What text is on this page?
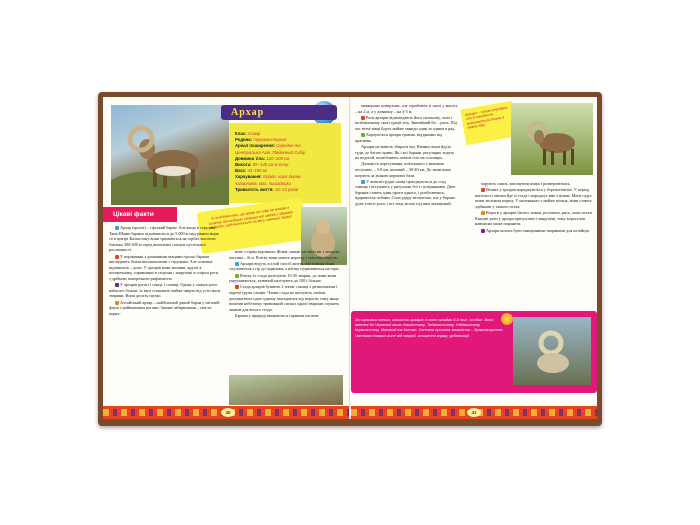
Архар
Клас: ссавці
Родина: порожнисторогі
Ареал поширення: Середня та
Центральна Азія, Південний Сибір
Довжина тіла: 120–200 см
Висота: 85–140 см в холці
Вага: 43–180 кг
Харчування: трава, кора дерев,
чагарників, мох, лишайники
Тривалість життя: 10–13 років
Цікаві факти	А чи відомо вам, що архар на зиму не впадає в сплячку. Він вибирає сховище від негоди і зберігає енергію, щоб вистачило на весь зимовий період.

Архар (аргалі) – гірський баран. Але якщо в середині Тянь-Шаню барани піднімаються до 5 000 м над рівнем моря, то в центрі Казахстану вони тримаються на горбах висотою близько 300-400 м серед випаленої сонцем пустельної рослинності.

У порівнянні з домашніми вівцями гірські барани виглядають більш високоногими і струнким. Але основна відмінність – роги. У архарів вони масивні, круглі в поперечнику, спрямовані в сторони і закручені в спіралі роги, з дрібною поперечною рифленістю.

У архарів рогаті і самці, і самиці. Однак у самців роги набагато більші: їх вага становить майже чверть від усієї маси тварини. Вони досить гнучкі.

Алтайський архар – найбільший дикий баран у світовій фауні з найважчими рогами. Значне забарвлення – світло-корич-

неве з сірим відтінком. Живіт, нижні частини ніг і лицьова частина – білі. Влітку вони мають коротку і світлішу шерсть.

Архари ведуть осілий спосіб життя, але взимку вони спускаються з гір до підніжжя, а влітку піднімаються на гори.

Влітку їх стада налічують 10-30 тварин, до зими вони укрупнюються, зазвичай налічують до 100 і більше.

Стада архарів бувають 2 типів: самиці з дитинчатами і окремі групи самців. Члени стада не нехтують своїми, допомагають одне одному захищатися від ворогів, тому якщо помітив небезпеку тривожний сигнал однієї тварини служить знаком для всього стада.

Барани у природі вважаються гарними пасами-

40

мевкорних поверхнях, але стрибають зі скелі у висоту – на 2 м, а у довжину – на 3-5 м.

Роги архарів відповідають його сильному, хоча і позбавленому своєї грації тілу. Звичайний біг – рись. Під час втечі вівці йдуть майже завжди один за одним в ряд.

Харчуються архари травою, відданими від прагнень.

Архари не вміють збирати їжу. Взимку вони йдуть туди, де багато трави. Як і всі барани, регулярно ходять на водопій, полюбляють лизати сіль на солонцях.

Дальність пересування, пов'язаного з зимовою посушею, – 5-8 км, кочовий – 30-40 км. До зими вони кочують за зміною кормової бази.

У жовтні-грудні самці приєднуються до стад самиць і вступають у ритуальні бої з суперниками. Двоє баранів стають один проти одного, і розбігаючись, вдаряються лобами. Сила удару величезна, але у барана дуже товсті роги, і всі тому мозок під ним захищений.

Архари – чудові стрибуни, але їх швидкість визначається тільки в межах бігу.

чарують самок, висовуючи язика і розвертаючись.

Ягнята у архарів народжуються у березні-квітні. У період вагітності овечка йде зі стада і народжує вже з ягням. Мати годує ягнят молоком першу. У маленького є майже місяць, вони стають здібними у хижого птаха.

Вороги у архарів багато: вовки, росомаха, рись, хижі птахи. Кінцеві роги у архара притуплені і закручені, тому ворога він навмисно може поранити.

Архари колись були священними тваринами для алтайців.

За оцінками вчених, кількість архарів в світі складає 4-5 тис. особин. Вони внесені до Червоної книги Казахстану, Таджикистану, Узбекистану, Киргизстану, Монголії та Китаю. Основна причина зникнення – браконьєрство. Частина тварин гине від хвороб, знищення корму, урбанізації.
41
